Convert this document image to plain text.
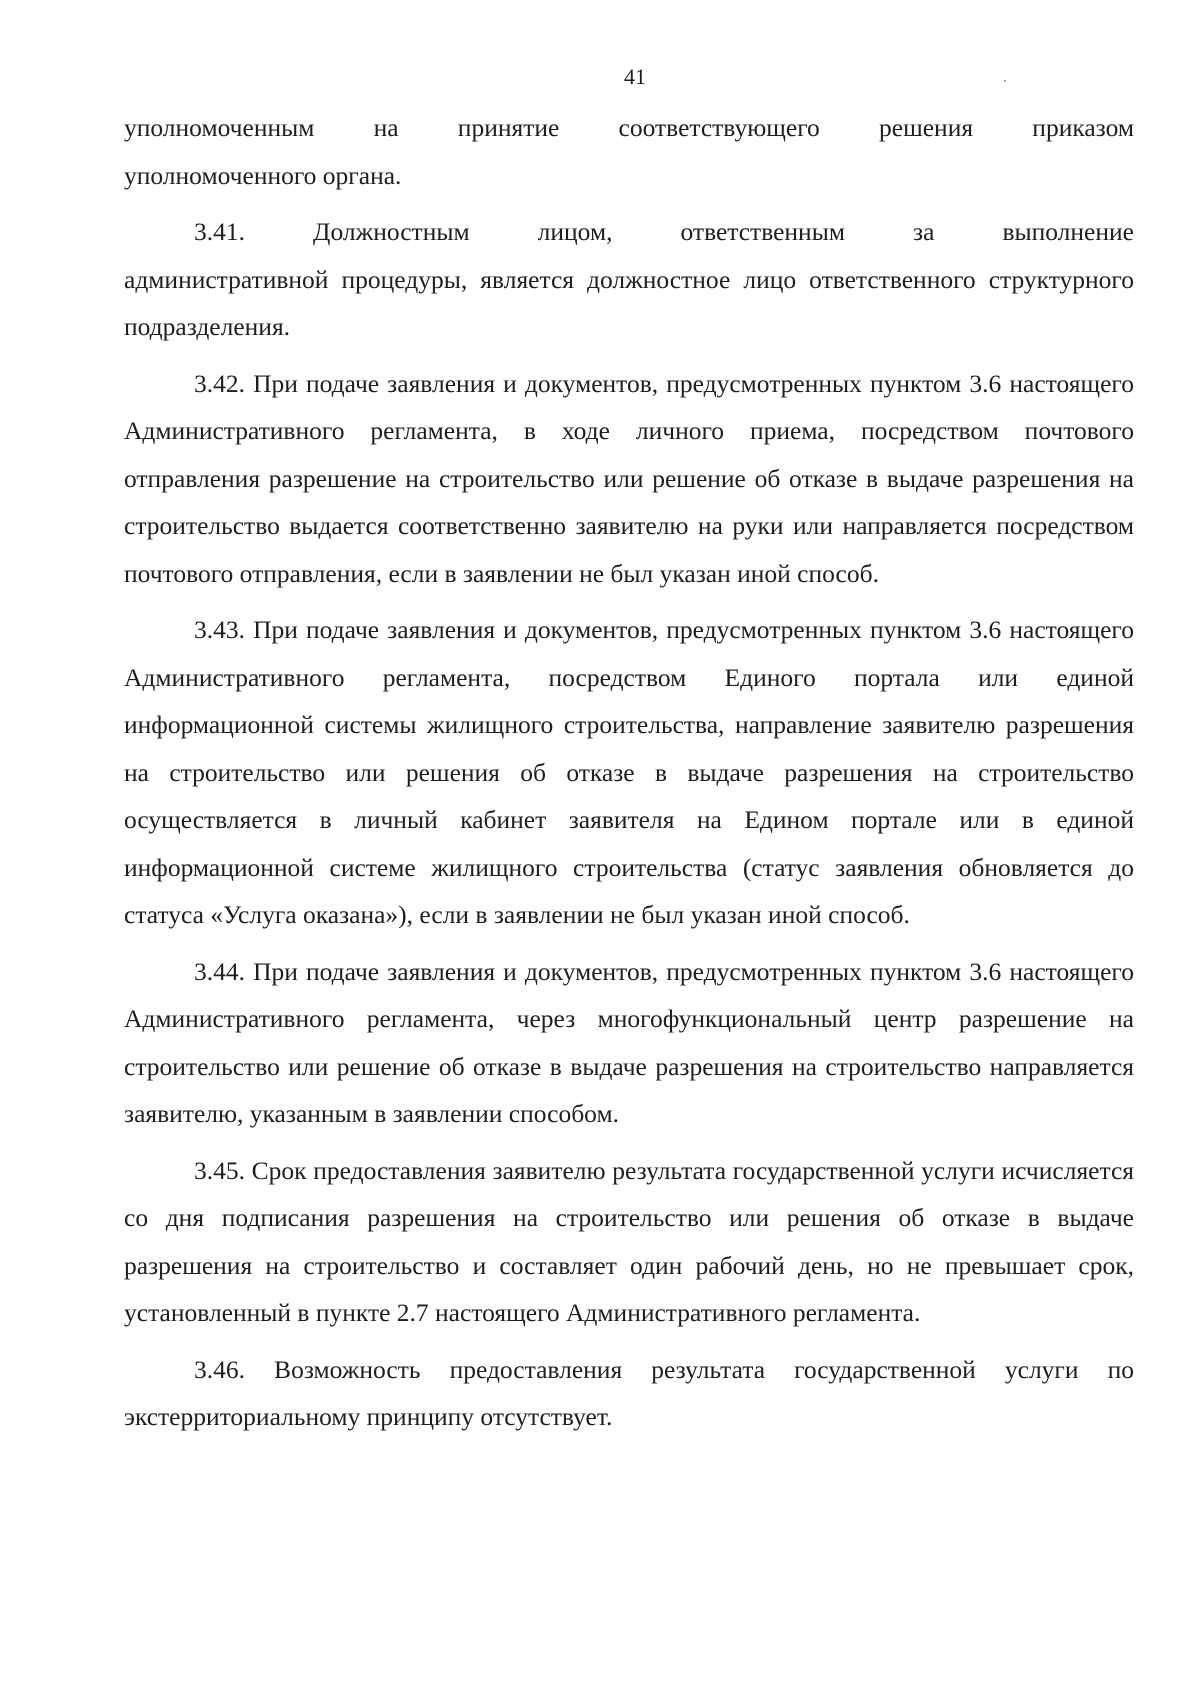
41
уполномоченным на принятие соответствующего решения приказом
уполномоченного органа.
3.41. Должностным лицом, ответственным за выполнение
административной процедуры, является должностное лицо ответственного структурного подразделения.

3.42. При подаче заявления и документов, предусмотренных пунктом 3.6 настоящего Административного регламента, в ходе личного приема, посредством почтового отправления разрешение на строительство или решение об отказе в выдаче разрешения на строительство выдается соответственно заявителю на руки или направляется посредством почтового отправления, если в заявлении не был указан иной способ.

3.43. При подаче заявления и документов, предусмотренных пунктом 3.6 настоящего Административного регламента, посредством Единого портала или единой информационной системы жилищного строительства, направление заявителю разрешения на строительство или решения об отказе в выдаче разрешения на строительство осуществляется в личный кабинет заявителя на Едином портале или в единой информационной системе жилищного строительства (статус заявления обновляется до статуса «Услуга оказана»), если в заявлении не был указан иной способ.

3.44. При подаче заявления и документов, предусмотренных пунктом 3.6 настоящего Административного регламента, через многофункциональный центр разрешение на строительство или решение об отказе в выдаче разрешения на строительство направляется заявителю, указанным в заявлении способом.

3.45. Срок предоставления заявителю результата государственной услуги исчисляется со дня подписания разрешения на строительство или решения об отказе в выдаче разрешения на строительство и составляет один рабочий день, но не превышает срок, установленный в пункте 2.7 настоящего Административного регламента.

3.46. Возможность предоставления результата государственной услуги по экстерриториальному принципу отсутствует.
